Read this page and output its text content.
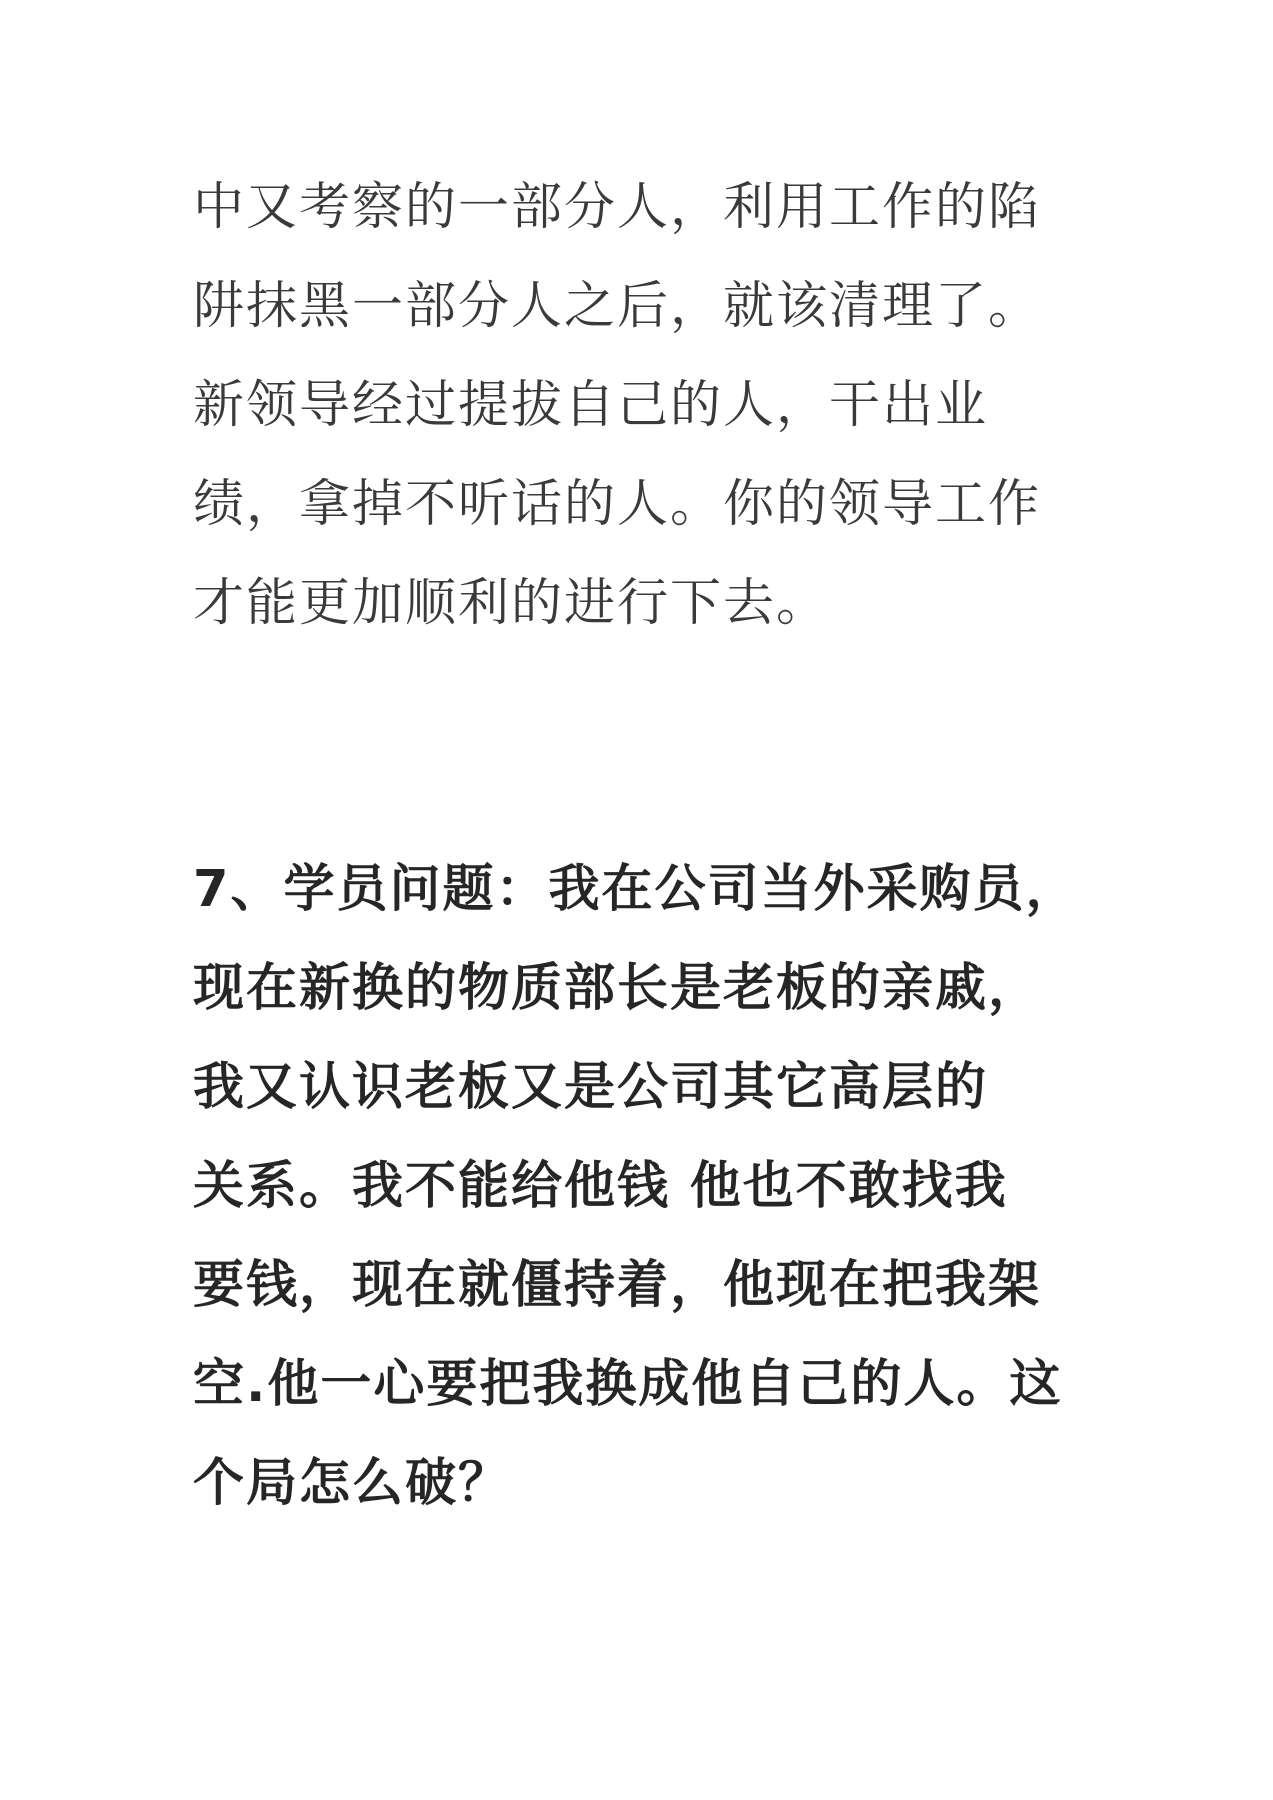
中又考察的一部分人，利用工作的陷
阱抹黑一部分人之后，就该清理了。
新领导经过提拔自己的人，干出业
绩，拿掉不听话的人。你的领导工作
才能更加顺利的进行下去。
7、学员问题：我在公司当外采购员，
现在新换的物质部长是老板的亲戚，
我又认识老板又是公司其它高层的
关系。我不能给他钱 他也不敢找我
要钱，现在就僵持着，他现在把我架
空.他一心要把我换成他自己的人。这
个局怎么破？
